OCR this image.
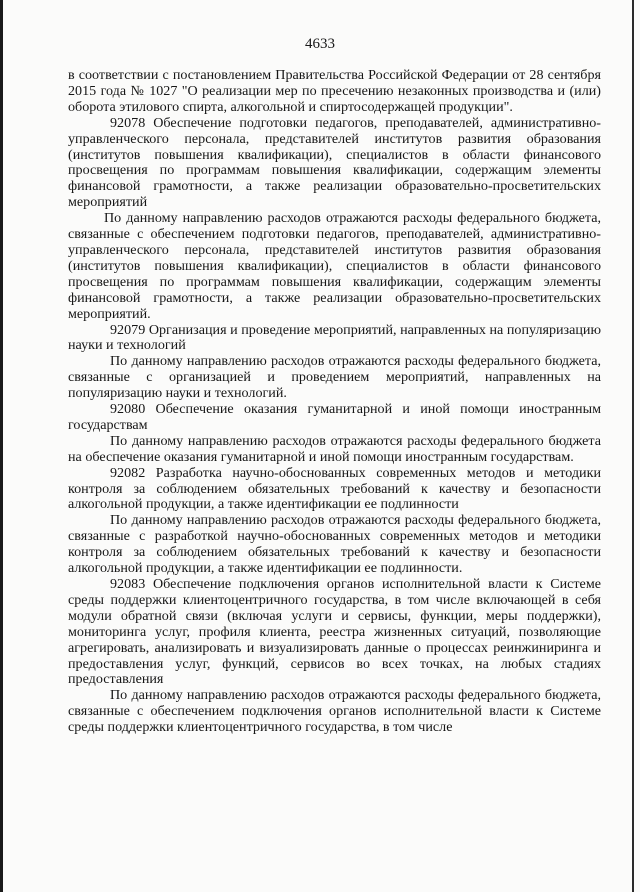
4633

в соответствии с постановлением Правительства Российской Федерации от 28 сентября 2015 года № 1027 "О реализации мер по пресечению незаконных производства и (или) оборота этилового спирта, алкогольной и спиртосодержащей продукции".

92078 Обеспечение подготовки педагогов, преподавателей, административно-управленческого персонала, представителей институтов развития образования (институтов повышения квалификации), специалистов в области финансового просвещения по программам повышения квалификации, содержащим элементы финансовой грамотности, а также реализации образовательно-просветительских мероприятий

По данному направлению расходов отражаются расходы федерального бюджета, связанные с обеспечением подготовки педагогов, преподавателей, административно-управленческого персонала, представителей институтов развития образования (институтов повышения квалификации), специалистов в области финансового просвещения по программам повышения квалификации, содержащим элементы финансовой грамотности, а также реализации образовательно-просветительских мероприятий.

92079 Организация и проведение мероприятий, направленных на популяризацию науки и технологий

По данному направлению расходов отражаются расходы федерального бюджета, связанные с организацией и проведением мероприятий, направленных на популяризацию науки и технологий.

92080 Обеспечение оказания гуманитарной и иной помощи иностранным государствам

По данному направлению расходов отражаются расходы федерального бюджета на обеспечение оказания гуманитарной и иной помощи иностранным государствам.

92082 Разработка научно-обоснованных современных методов и методики контроля за соблюдением обязательных требований к качеству и безопасности алкогольной продукции, а также идентификации ее подлинности

По данному направлению расходов отражаются расходы федерального бюджета, связанные с разработкой научно-обоснованных современных методов и методики контроля за соблюдением обязательных требований к качеству и безопасности алкогольной продукции, а также идентификации ее подлинности.

92083 Обеспечение подключения органов исполнительной власти к Системе среды поддержки клиентоцентричного государства, в том числе включающей в себя модули обратной связи (включая услуги и сервисы, функции, меры поддержки), мониторинга услуг, профиля клиента, реестра жизненных ситуаций, позволяющие агрегировать, анализировать и визуализировать данные о процессах реинжиниринга и предоставления услуг, функций, сервисов во всех точках, на любых стадиях предоставления

По данному направлению расходов отражаются расходы федерального бюджета, связанные с обеспечением подключения органов исполнительной власти к Системе среды поддержки клиентоцентричного государства, в том числе
